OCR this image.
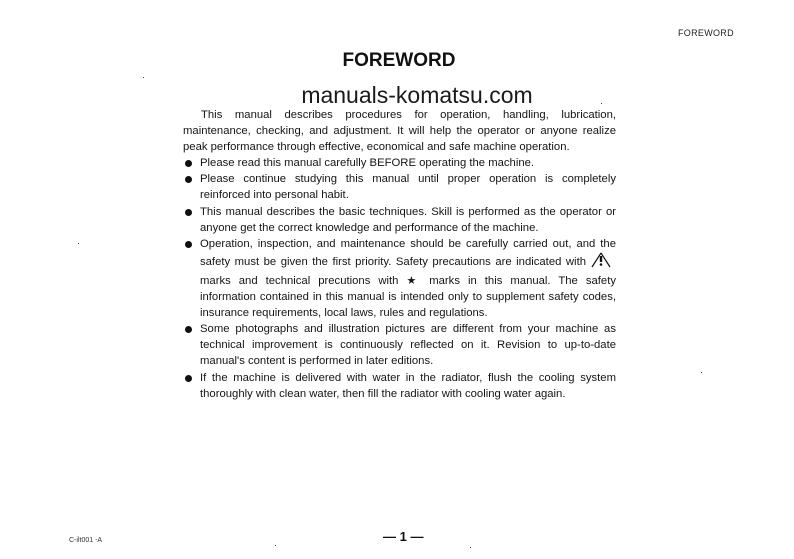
FOREWORD
FOREWORD
manuals-komatsu.com

This manual describes procedures for operation, handling, lubrication, maintenance, checking, and adjustment. It will help the operator or anyone realize peak performance through effective, economical and safe machine operation.

Please read this manual carefully BEFORE operating the machine.
Please continue studying this manual until proper operation is completely reinforced into personal habit.
This manual describes the basic techniques. Skill is performed as the operator or anyone get the correct knowledge and performance of the machine.
Operation, inspection, and maintenance should be carefully carried out, and the safety must be given the first priority. Safety precautions are indicated withmarks and technical precutions with ★ marks in this manual. The safety information contained in this manual is intended only to supplement safety codes, insurance requirements, local laws, rules and regulations.
Some photographs and illustration pictures are different from your machine as technical improvement is continuously reflected on it. Revision to up-to-date manual's content is performed in later editions.
If the machine is delivered with water in the radiator, flush the cooling system thoroughly with clean water, then fill the radiator with cooling water again.
C-ilt001 -A	— 1 —
